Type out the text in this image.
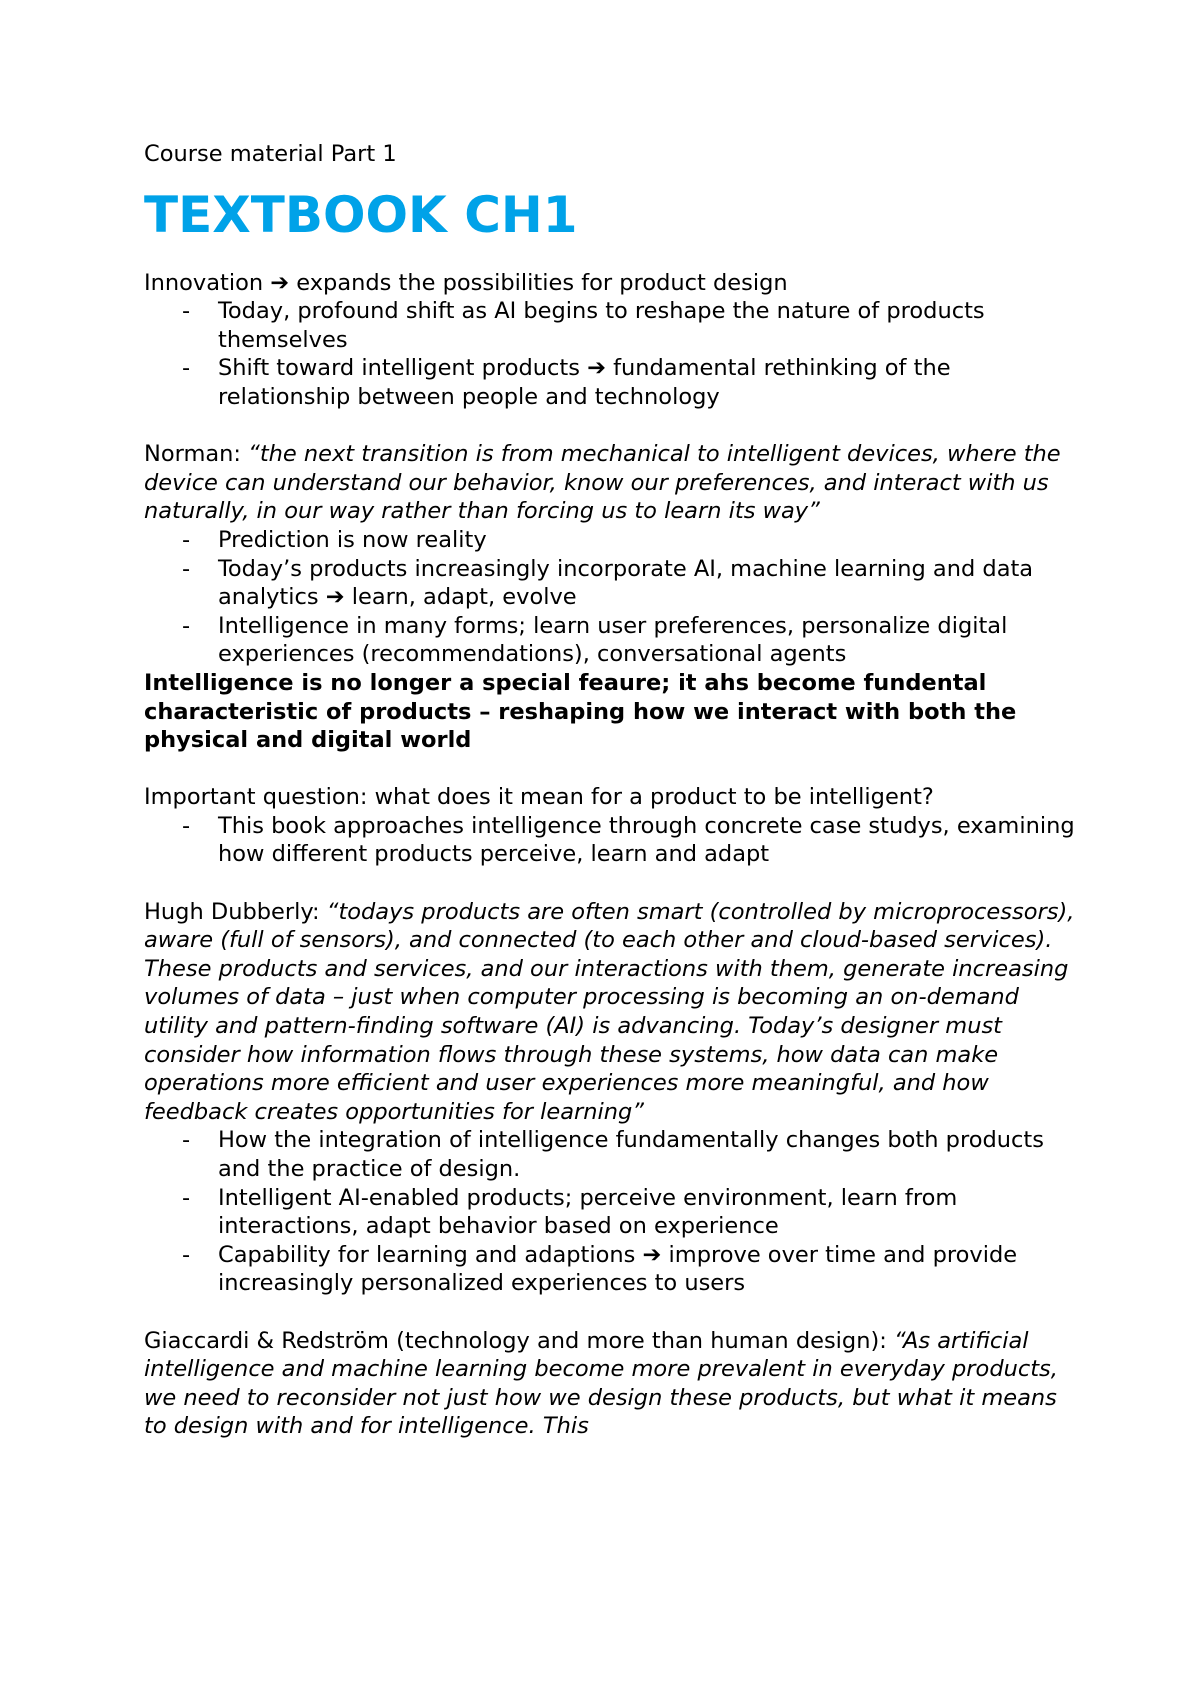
Course material Part 1

TEXTBOOK CH1

Innovation ➔ expands the possibilities for product design

- Today, profound shift as AI begins to reshape the nature of products themselves
- Shift toward intelligent products ➔ fundamental rethinking of the relationship between people and technology

Norman: “the next transition is from mechanical to intelligent devices, where the device can understand our behavior, know our preferences, and interact with us naturally, in our way rather than forcing us to learn its way”

- Prediction is now reality
- Today’s products increasingly incorporate AI, machine learning and data analytics ➔ learn, adapt, evolve
- Intelligence in many forms; learn user preferences, personalize digital experiences (recommendations), conversational agents

Intelligence is no longer a special feaure; it ahs become fundental characteristic of products – reshaping how we interact with both the physical and digital world

Important question: what does it mean for a product to be intelligent?

- This book approaches intelligence through concrete case studys, examining how different products perceive, learn and adapt

Hugh Dubberly: “todays products are often smart (controlled by microprocessors), aware (full of sensors), and connected (to each other and cloud-based services). These products and services, and our interactions with them, generate increasing volumes of data – just when computer processing is becoming an on-demand utility and pattern-finding software (AI) is advancing. Today’s designer must consider how information flows through these systems, how data can make operations more efficient and user experiences more meaningful, and how feedback creates opportunities for learning”

- How the integration of intelligence fundamentally changes both products and the practice of design.
- Intelligent AI-enabled products; perceive environment, learn from interactions, adapt behavior based on experience
- Capability for learning and adaptions ➔ improve over time and provide increasingly personalized experiences to users

Giaccardi & Redström (technology and more than human design): “As artificial intelligence and machine learning become more prevalent in everyday products, we need to reconsider not just how we design these products, but what it means to design with and for intelligence. This
